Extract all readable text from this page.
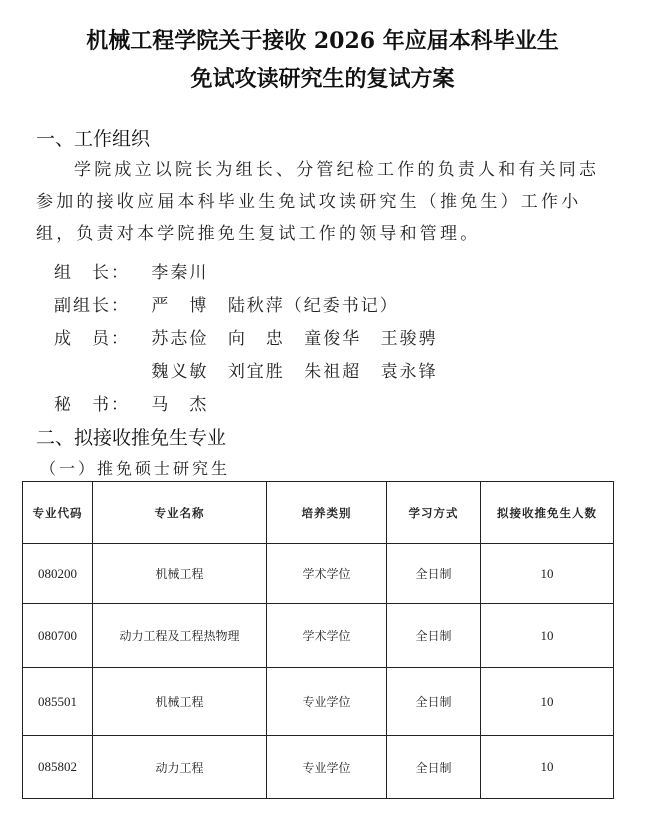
机械工程学院关于接收 2026 年应届本科毕业生
免试攻读研究生的复试方案
一、工作组织
学院成立以院长为组长、分管纪检工作的负责人和有关同志参加的接收应届本科毕业生免试攻读研究生（推免生）工作小组，负责对本学院推免生复试工作的领导和管理。
组　长： 李秦川
副组长： 严　博 陆秋萍（纪委书记）
成　员： 苏志俭 向　忠 童俊华 王骏骋
魏义敏 刘宜胜 朱祖超 袁永锋
秘　书： 马　杰
二、拟接收推免生专业
（一）推免硕士研究生
专业代码	专业名称	培养类别	学习方式	拟接收推免生人数
080200	机械工程	学术学位	全日制	10
080700	动力工程及工程热物理	学术学位	全日制	10
085501	机械工程	专业学位	全日制	10
085802	动力工程	专业学位	全日制	10
